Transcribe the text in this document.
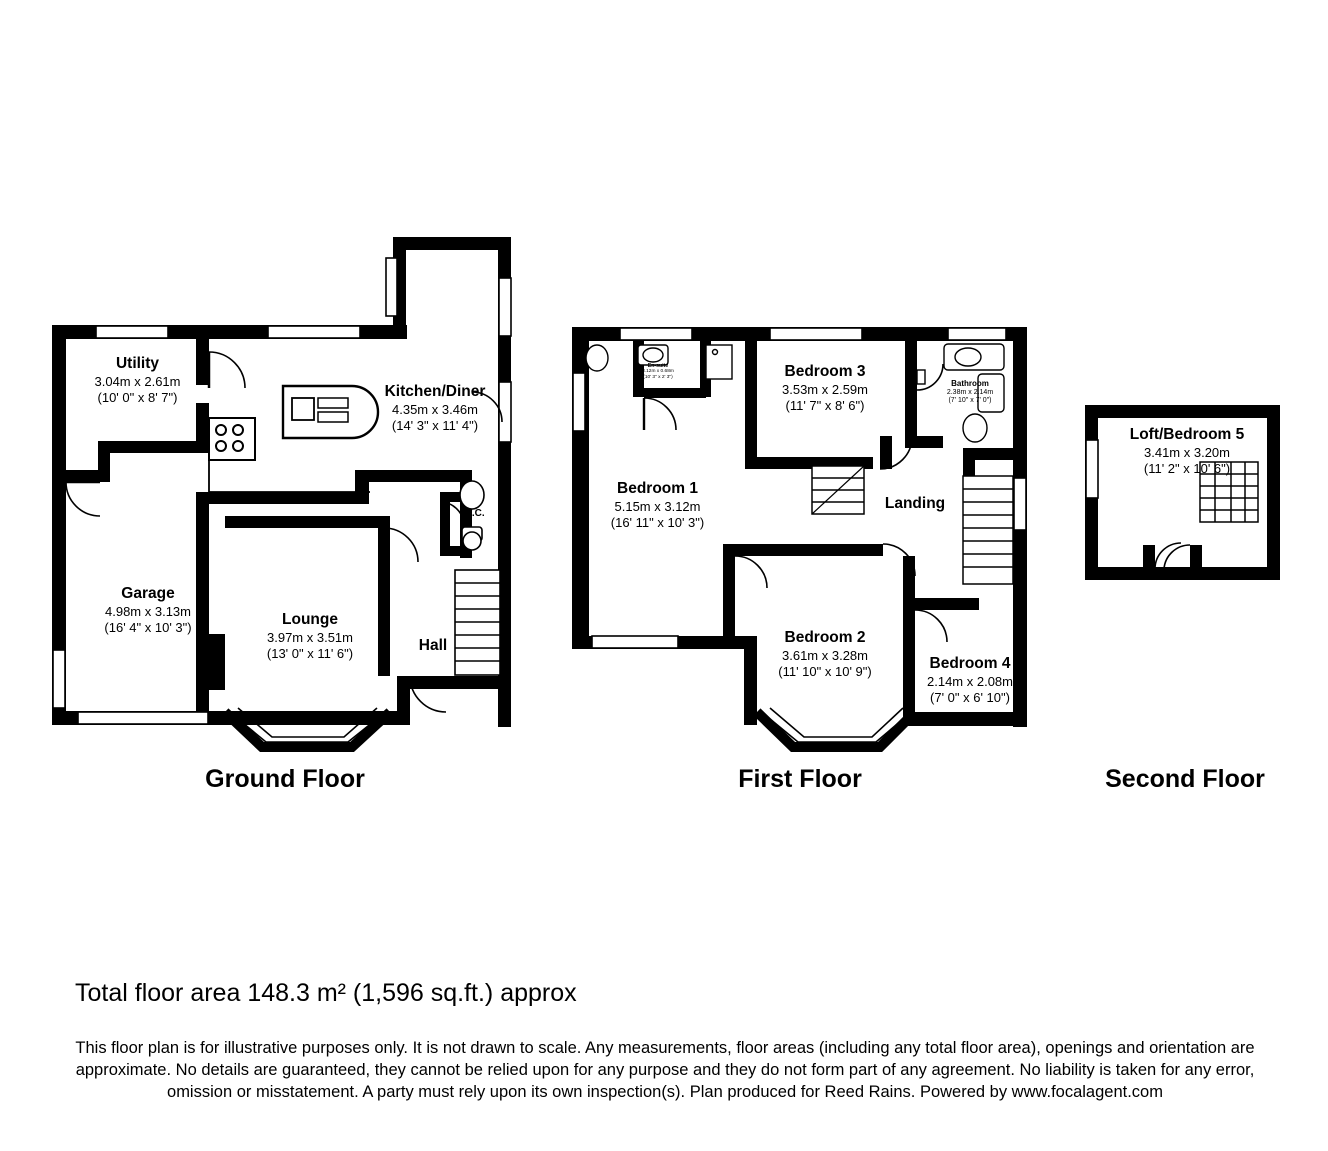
Ground Floor	First Floor	Second Floor
Utility
3.04m x 2.61m
(10' 0" x 8' 7")	Kitchen/Diner
4.35m x 3.46m
(14' 3" x 11' 4")
Garage
4.98m x 3.13m
(16' 4" x 10' 3")	Lounge
3.97m x 3.51m
(13' 0" x 11' 6")	Hall
W.C.
Bedroom 3
3.53m x 2.59m
(11' 7" x 8' 6")
Bedroom 1
5.15m x 3.12m
(16' 11" x 10' 3")
Bedroom 2
3.61m x 3.28m
(11' 10" x 10' 9")	Bedroom 4
2.14m x 2.08m
(7' 0" x 6' 10")
Bathroom
2.38m x 2.14m
(7' 10" x 7' 0")
En-suite
3.12m x 0.68m
(10' 3" x 2' 3")
Landing
Loft/Bedroom 5
3.41m x 3.20m
(11' 2" x 10' 6")
Total floor area 148.3 m² (1,596 sq.ft.) approx
This floor plan is for illustrative purposes only. It is not drawn to scale. Any measurements, floor areas (including any total floor area), openings and orientation are approximate. No details are guaranteed, they cannot be relied upon for any purpose and they do not form part of any agreement. No liability is taken for any error, omission or misstatement. A party must rely upon its own inspection(s). Plan produced for Reed Rains. Powered by www.focalagent.com
